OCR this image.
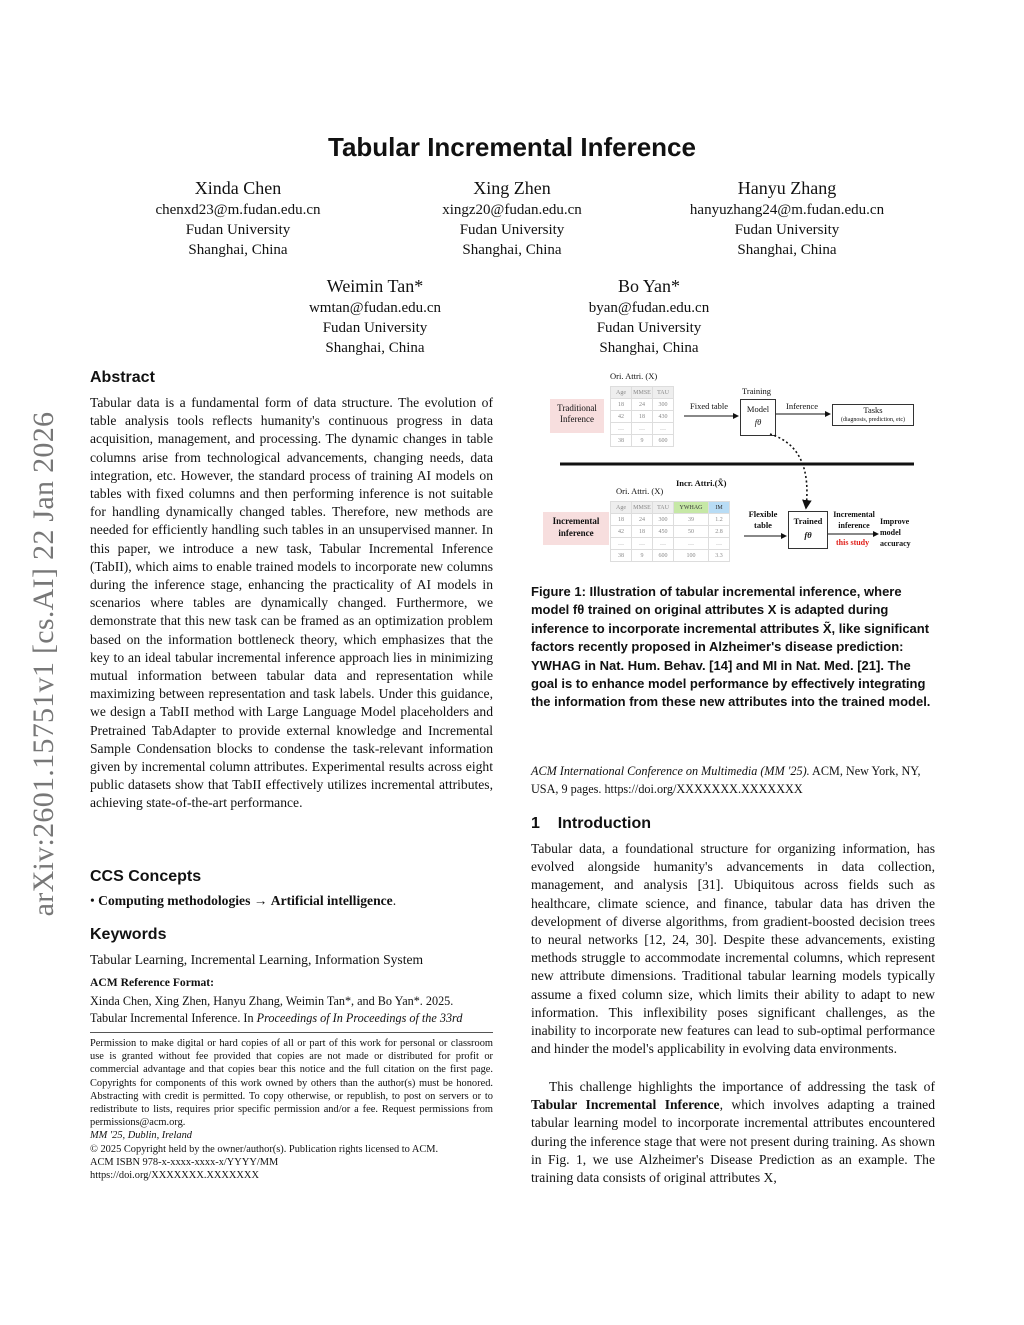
arXiv:2601.15751v1 [cs.AI] 22 Jan 2026
Tabular Incremental Inference
Xinda Chen
chenxd23@m.fudan.edu.cn
Fudan University
Shanghai, China
Xing Zhen
xingz20@fudan.edu.cn
Fudan University
Shanghai, China
Hanyu Zhang
hanyuzhang24@m.fudan.edu.cn
Fudan University
Shanghai, China
Weimin Tan*
wmtan@fudan.edu.cn
Fudan University
Shanghai, China
Bo Yan*
byan@fudan.edu.cn
Fudan University
Shanghai, China
Abstract
Tabular data is a fundamental form of data structure. The evolution of table analysis tools reflects humanity's continuous progress in data acquisition, management, and processing. The dynamic changes in table columns arise from technological advancements, changing needs, data integration, etc. However, the standard process of training AI models on tables with fixed columns and then performing inference is not suitable for handling dynamically changed tables. Therefore, new methods are needed for efficiently handling such tables in an unsupervised manner. In this paper, we introduce a new task, Tabular Incremental Inference (TabII), which aims to enable trained models to incorporate new columns during the inference stage, enhancing the practicality of AI models in scenarios where tables are dynamically changed. Furthermore, we demonstrate that this new task can be framed as an optimization problem based on the information bottleneck theory, which emphasizes that the key to an ideal tabular incremental inference approach lies in minimizing mutual information between tabular data and representation while maximizing between representation and task labels. Under this guidance, we design a TabII method with Large Language Model placeholders and Pretrained TabAdapter to provide external knowledge and Incremental Sample Condensation blocks to condense the task-relevant information given by incremental column attributes. Experimental results across eight public datasets show that TabII effectively utilizes incremental attributes, achieving state-of-the-art performance.
CCS Concepts
• Computing methodologies → Artificial intelligence.
Keywords
Tabular Learning, Incremental Learning, Information System
ACM Reference Format:
Xinda Chen, Xing Zhen, Hanyu Zhang, Weimin Tan*, and Bo Yan*. 2025.
Tabular Incremental Inference. In Proceedings of In Proceedings of the 33rd
Permission to make digital or hard copies of all or part of this work for personal or classroom use is granted without fee provided that copies are not made or distributed for profit or commercial advantage and that copies bear this notice and the full citation on the first page. Copyrights for components of this work owned by others than the author(s) must be honored. Abstracting with credit is permitted. To copy otherwise, or republish, to post on servers or to redistribute to lists, requires prior specific permission and/or a fee. Request permissions from permissions@acm.org.
MM '25, Dublin, Ireland
© 2025 Copyright held by the owner/author(s). Publication rights licensed to ACM.
ACM ISBN 978-x-xxxx-xxxx-x/YYYY/MM
https://doi.org/XXXXXXX.XXXXXXX
Ori. Attri. (X)
Traditional Inference
Age	MMSE	TAU
18	24	300
42	18	430
…	…	…
38	9	600
Fixed table
Training
Model
fθ
Inference	Tasks
(diagnosis, prediction, etc)
Incr. Attri.(X̃)
Ori. Attri. (X)
Incremental inference
Age	MMSE	TAU	YWHAG	IM
18	24	300	39	1.2
42	18	450	50	2.8
…	…	…	…	…
38	9	600	100	3.3
Flexible table	Trained
fθ
Incremental inference
this study
Improve model accuracy
Figure 1: Illustration of tabular incremental inference, where model fθ trained on original attributes X is adapted during inference to incorporate incremental attributes X̃, like significant factors recently proposed in Alzheimer's disease prediction: YWHAG in Nat. Hum. Behav. [14] and MI in Nat. Med. [21]. The goal is to enhance model performance by effectively integrating the information from these new attributes into the trained model.
ACM International Conference on Multimedia (MM '25). ACM, New York, NY, USA, 9 pages. https://doi.org/XXXXXXX.XXXXXXX
1 Introduction
Tabular data, a foundational structure for organizing information, has evolved alongside humanity's advancements in data collection, management, and analysis [31]. Ubiquitous across fields such as healthcare, climate science, and finance, tabular data has driven the development of diverse algorithms, from gradient-boosted decision trees to neural networks [12, 24, 30]. Despite these advancements, existing methods struggle to accommodate incremental columns, which represent new attribute dimensions. Traditional tabular learning models typically assume a fixed column size, which limits their ability to adapt to new information. This inflexibility poses significant challenges, as the inability to incorporate new features can lead to sub-optimal performance and hinder the model's applicability in evolving data environments.
This challenge highlights the importance of addressing the task of Tabular Incremental Inference, which involves adapting a trained tabular learning model to incorporate incremental attributes encountered during the inference stage that were not present during training. As shown in Fig. 1, we use Alzheimer's Disease Prediction as an example. The training data consists of original attributes X,
